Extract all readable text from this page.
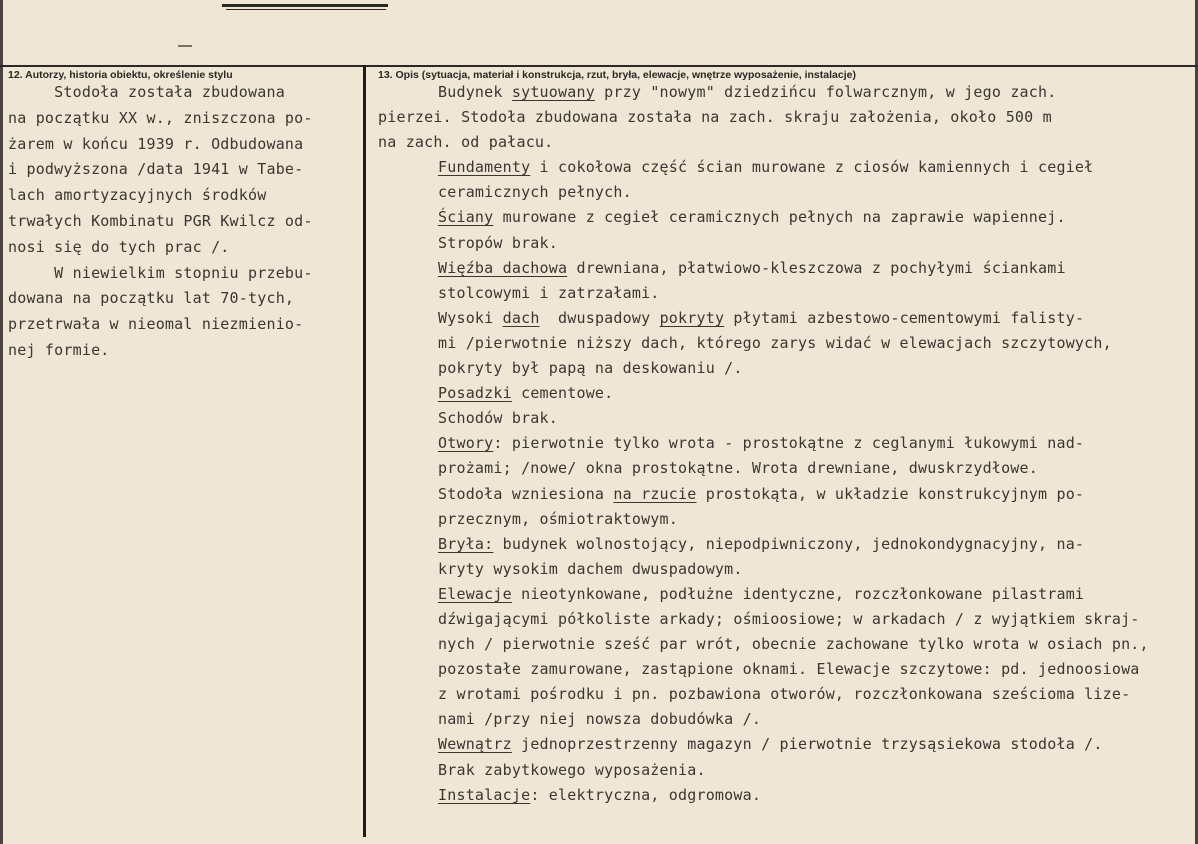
12. Autorzy, historia obiektu, określenie stylu	13. Opis (sytuacja, materiał i konstrukcja, rzut, bryła, elewacje, wnętrze wyposażenie, instalacje)
Stodoła została zbudowana
na początku XX w., zniszczona po-
żarem w końcu 1939 r. Odbudowana
i podwyższona /data 1941 w Tabe-
lach amortyzacyjnych środków
trwałych Kombinatu PGR Kwilcz od-
nosi się do tych prac /.
W niewielkim stopniu przebu-
dowana na początku lat 70-tych,
przetrwała w nieomal niezmienio-
nej formie.
Budynek sytuowany przy "nowym" dziedzińcu folwarcznym, w jego zach.
pierzei. Stodoła zbudowana została na zach. skraju założenia, około 500 m
na zach. od pałacu.
Fundamenty i cokołowa część ścian murowane z ciosów kamiennych i cegieł
ceramicznych pełnych.
Ściany murowane z cegieł ceramicznych pełnych na zaprawie wapiennej.
Stropów brak.
Więźba dachowa drewniana, płatwiowo-kleszczowa z pochyłymi ściankami
stolcowymi i zatrzałami.
Wysoki dach  dwuspadowy pokryty płytami azbestowo-cementowymi falisty-
mi /pierwotnie niższy dach, którego zarys widać w elewacjach szczytowych,
pokryty był papą na deskowaniu /.
Posadzki cementowe.
Schodów brak.
Otwory: pierwotnie tylko wrota - prostokątne z ceglanymi łukowymi nad-
prożami; /nowe/ okna prostokątne. Wrota drewniane, dwuskrzydłowe.
Stodoła wzniesiona na rzucie prostokąta, w układzie konstrukcyjnym po-
przecznym, ośmiotraktowym.
Bryła: budynek wolnostojący, niepodpiwniczony, jednokondygnacyjny, na-
kryty wysokim dachem dwuspadowym.
Elewacje nieotynkowane, podłużne identyczne, rozczłonkowane pilastrami
dźwigającymi półkoliste arkady; ośmioosiowe; w arkadach / z wyjątkiem skraj-
nych / pierwotnie sześć par wrót, obecnie zachowane tylko wrota w osiach pn.,
pozostałe zamurowane, zastąpione oknami. Elewacje szczytowe: pd. jednoosiowa
z wrotami pośrodku i pn. pozbawiona otworów, rozczłonkowana sześcioma lize-
nami /przy niej nowsza dobudówka /.
Wewnątrz jednoprzestrzenny magazyn / pierwotnie trzysąsiekowa stodoła /.
Brak zabytkowego wyposażenia.
Instalacje: elektryczna, odgromowa.
